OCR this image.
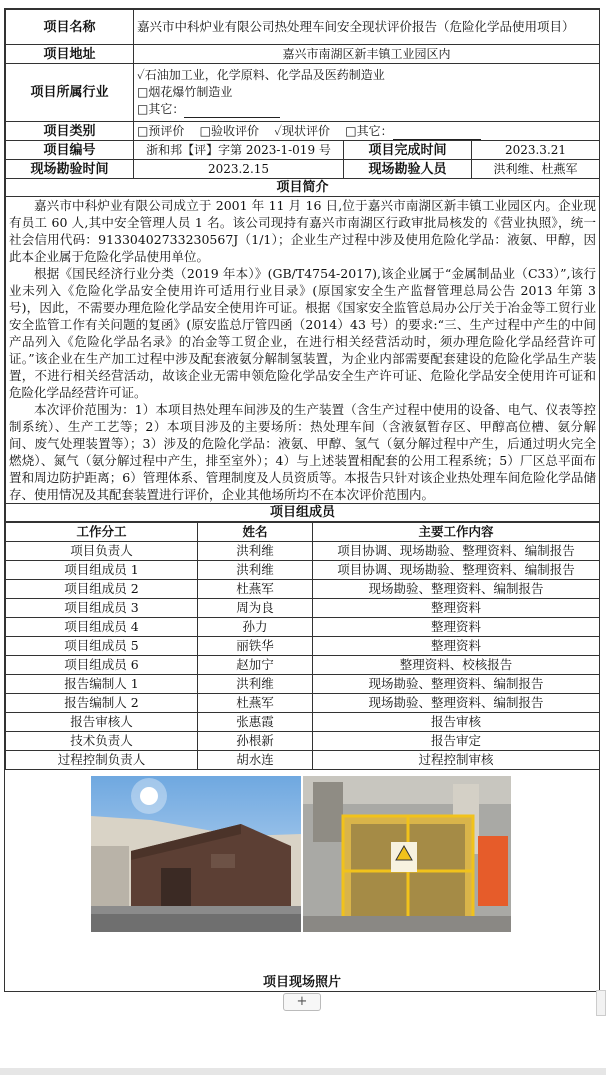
项目名称	嘉兴市中科炉业有限公司热处理车间安全现状评价报告（危险化学品使用项目）		
项目地址	嘉兴市南湖区新丰镇工业园区内		
项目所属行业	✓石油加工业，化学原料、化学品及医药制造业
□烟花爆竹制造业
□其它：		

项目类别	□预评价 □验收评价 ✓现状评价 □其它：		
项目编号	浙和邦【评】字第 2023-1-019 号	项目完成时间	2023.3.21
现场勘验时间	2023.2.15	现场勘验人员	洪利维、杜燕军
项目简介			

嘉兴市中科炉业有限公司成立于 2001 年 11 月 16 日,位于嘉兴市南湖区新丰镇工业园区内。企业现有员工 60 人,其中安全管理人员 1 名。该公司现持有嘉兴市南湖区行政审批局核发的《营业执照》，统一社会信用代码：91330402733230567J（1/1）；企业生产过程中涉及使用危险化学品：液氨、甲醇，因此本企业属于危险化学品使用单位。

根据《国民经济行业分类（2019 年本）》(GB/T4754-2017),该企业属于“金属制品业（C33）”,该行业未列入《危险化学品安全使用许可适用行业目录》(原国家安全生产监督管理总局公告 2013 年第 3 号)，因此，不需要办理危险化学品安全使用许可证。根据《国家安全监管总局办公厅关于冶金等工贸行业安全监管工作有关问题的复函》(原安监总厅管四函（2014）43 号）的要求:“三、生产过程中产生的中间产品列入《危险化学品名录》的冶金等工贸企业，在进行相关经营活动时，须办理危险化学品经营许可证。”该企业在生产加工过程中涉及配套液氨分解制氢装置，为企业内部需要配套建设的危险化学品生产装置，不进行相关经营活动，故该企业无需申领危险化学品安全生产许可证、危险化学品安全使用许可证和危险化学品经营许可证。

本次评价范围为：1）本项目热处理车间涉及的生产装置（含生产过程中使用的设备、电气、仪表等控制系统）、生产工艺等；2）本项目涉及的主要场所：热处理车间（含液氨暂存区、甲醇高位槽、氨分解间、废气处理装置等）；3）涉及的危险化学品：液氨、甲醇、氢气（氨分解过程中产生，后通过明火完全燃烧）、氮气（氨分解过程中产生，排至室外）；4）与上述装置相配套的公用工程系统；5）厂区总平面布置和周边防护距离；6）管理体系、管理制度及人员资质等。本报告只针对该企业热处理车间危险化学品储存、使用情况及其配套装置进行评价，企业其他场所均不在本次评价范围内。			

项目组成员			
工作分工	姓名	主要工作内容
项目负责人	洪利维	项目协调、现场勘验、整理资料、编制报告
项目组成员 1	洪利维	项目协调、现场勘验、整理资料、编制报告
项目组成员 2	杜燕军	现场勘验、整理资料、编制报告
项目组成员 3	周为良	整理资料
项目组成员 4	孙力	整理资料
项目组成员 5	丽铁华	整理资料
项目组成员 6	赵加宁	整理资料、校核报告
报告编制人 1	洪利维	现场勘验、整理资料、编制报告
报告编制人 2	杜燕军	现场勘验、整理资料、编制报告
报告审核人	张惠霞	报告审核
技术负责人	孙根新	报告审定
过程控制负责人	胡水连	过程控制审核
项目现场照片
+
